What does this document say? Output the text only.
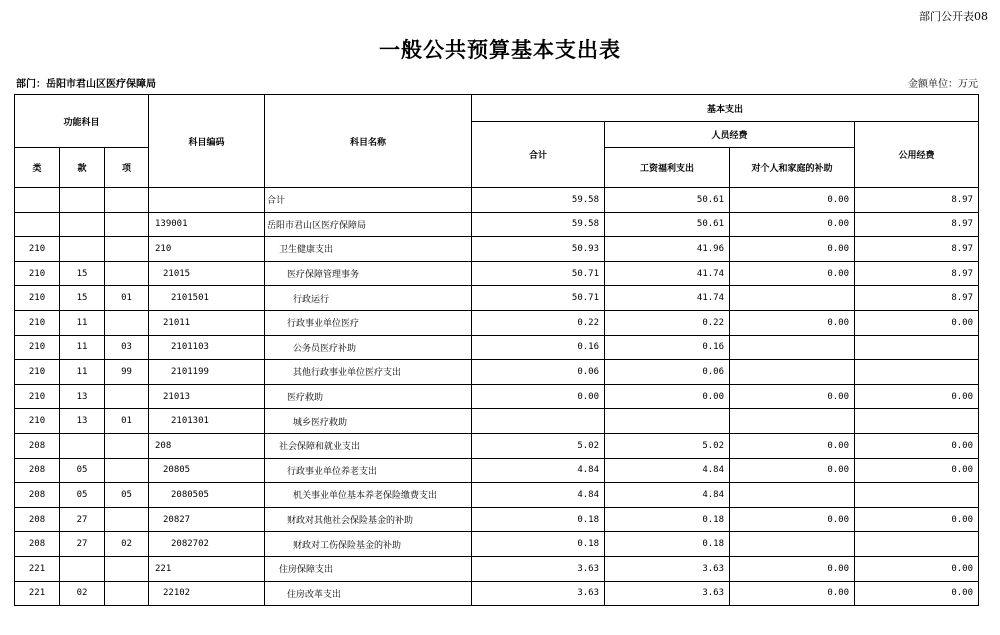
部门公开表08
一般公共预算基本支出表
部门：岳阳市君山区医疗保障局	金额单位：万元
功能科目			科目编码	科目名称	基本支出			
					合计	人员经费		公用经费
类	款	项				工资福利支出	对个人和家庭的补助	
				合计	59.58	50.61	0.00	8.97
			139001	岳阳市君山区医疗保障局	59.58	50.61	0.00	8.97
210			210	卫生健康支出	50.93	41.96	0.00	8.97
210	15		21015	医疗保障管理事务	50.71	41.74	0.00	8.97
210	15	01	2101501	行政运行	50.71	41.74		8.97
210	11		21011	行政事业单位医疗	0.22	0.22	0.00	0.00
210	11	03	2101103	公务员医疗补助	0.16	0.16		
210	11	99	2101199	其他行政事业单位医疗支出	0.06	0.06		
210	13		21013	医疗救助	0.00	0.00	0.00	0.00
210	13	01	2101301	城乡医疗救助				
208			208	社会保障和就业支出	5.02	5.02	0.00	0.00
208	05		20805	行政事业单位养老支出	4.84	4.84	0.00	0.00
208	05	05	2080505	机关事业单位基本养老保险缴费支出	4.84	4.84		
208	27		20827	财政对其他社会保险基金的补助	0.18	0.18	0.00	0.00
208	27	02	2082702	财政对工伤保险基金的补助	0.18	0.18		
221			221	住房保障支出	3.63	3.63	0.00	0.00
221	02		22102	住房改革支出	3.63	3.63	0.00	0.00
